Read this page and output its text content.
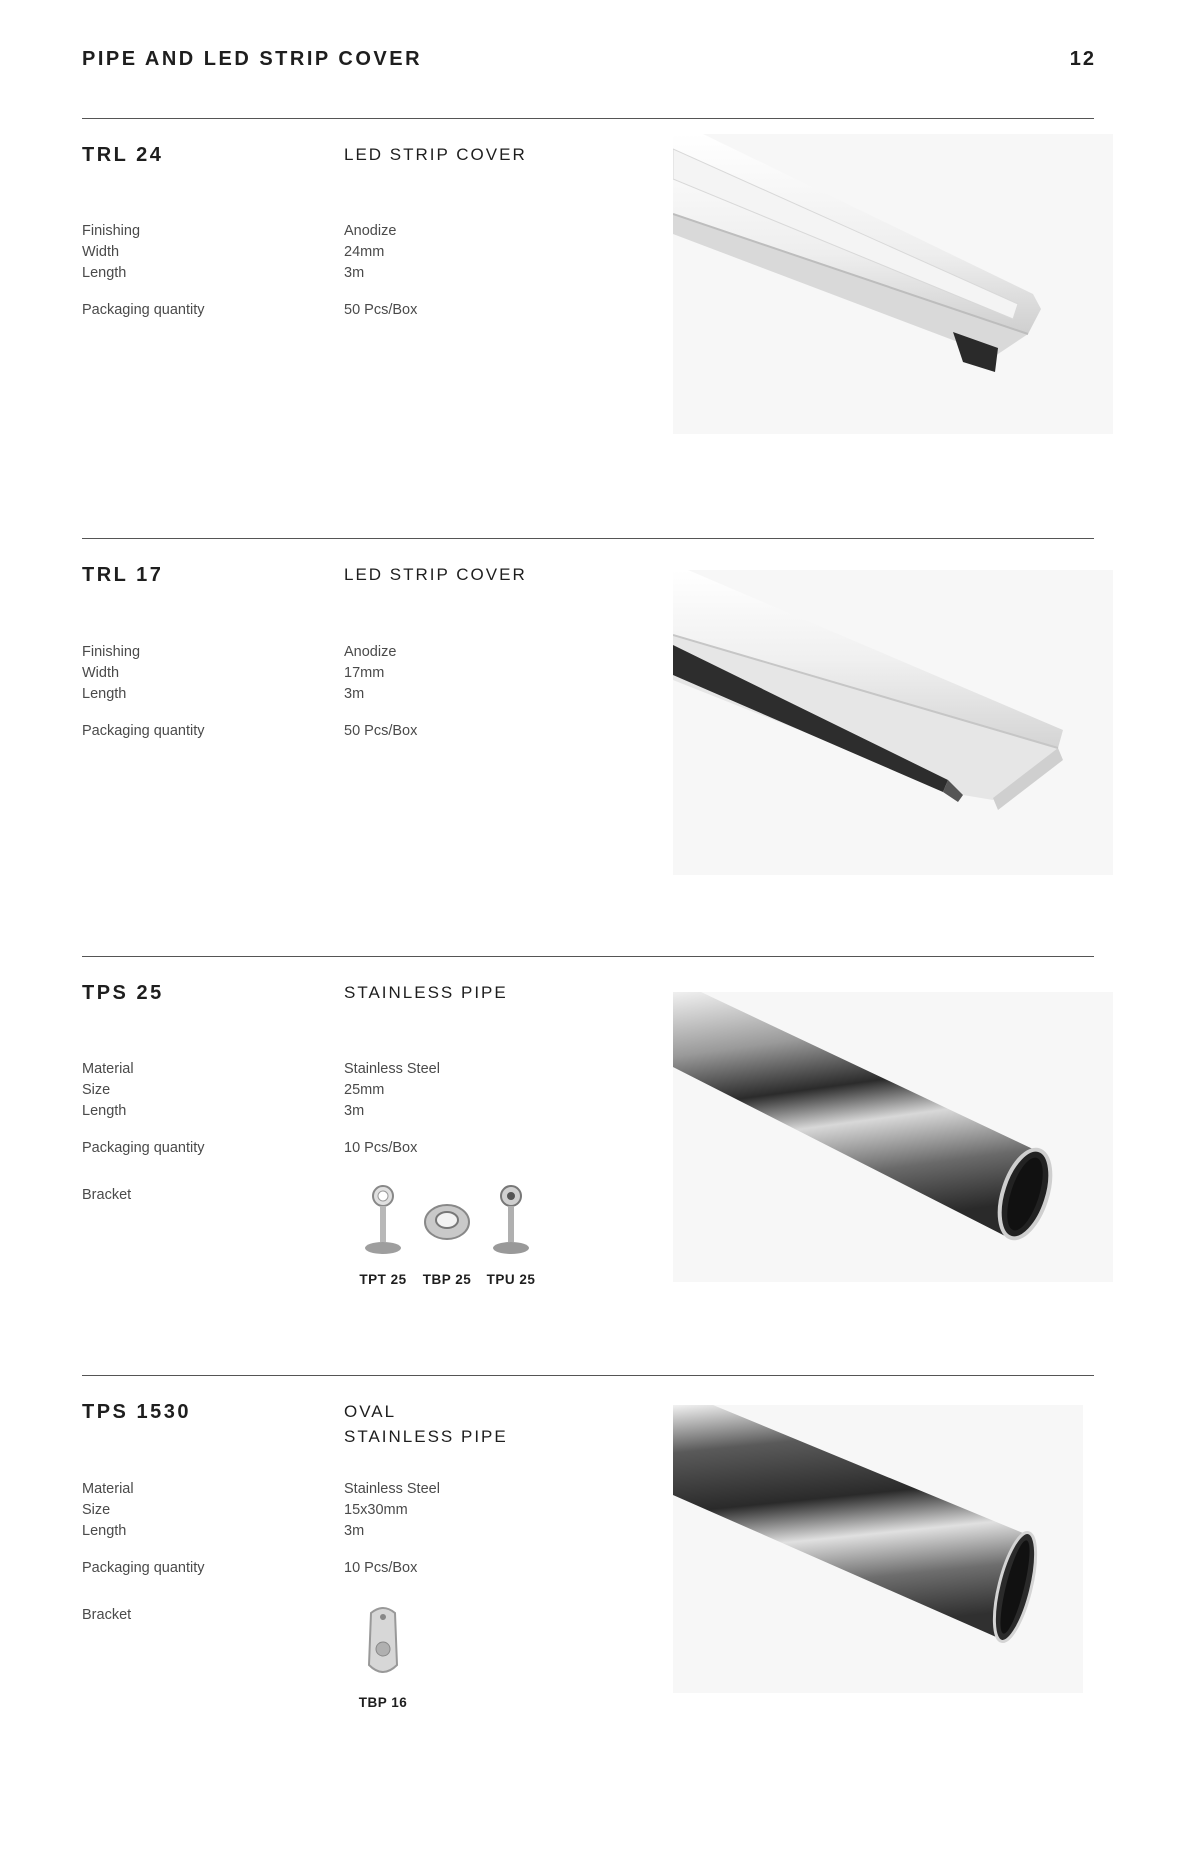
PIPE AND LED STRIP COVER	12
TRL 24	LED STRIP COVER
Finishing	Anodize
Width	24mm
Length	3m
Packaging quantity	50 Pcs/Box
TRL 17	LED STRIP COVER
Finishing	Anodize
Width	17mm
Length	3m
Packaging quantity	50 Pcs/Box
TPS 25	STAINLESS PIPE
Material	Stainless Steel
Size	25mm
Length	3m
Packaging quantity	10 Pcs/Box
Bracket
TPT 25	TBP 25	TPU 25
TPS 1530	OVAL
STAINLESS PIPE
Material	Stainless Steel
Size	15x30mm
Length	3m
Packaging quantity	10 Pcs/Box
Bracket
TBP 16
